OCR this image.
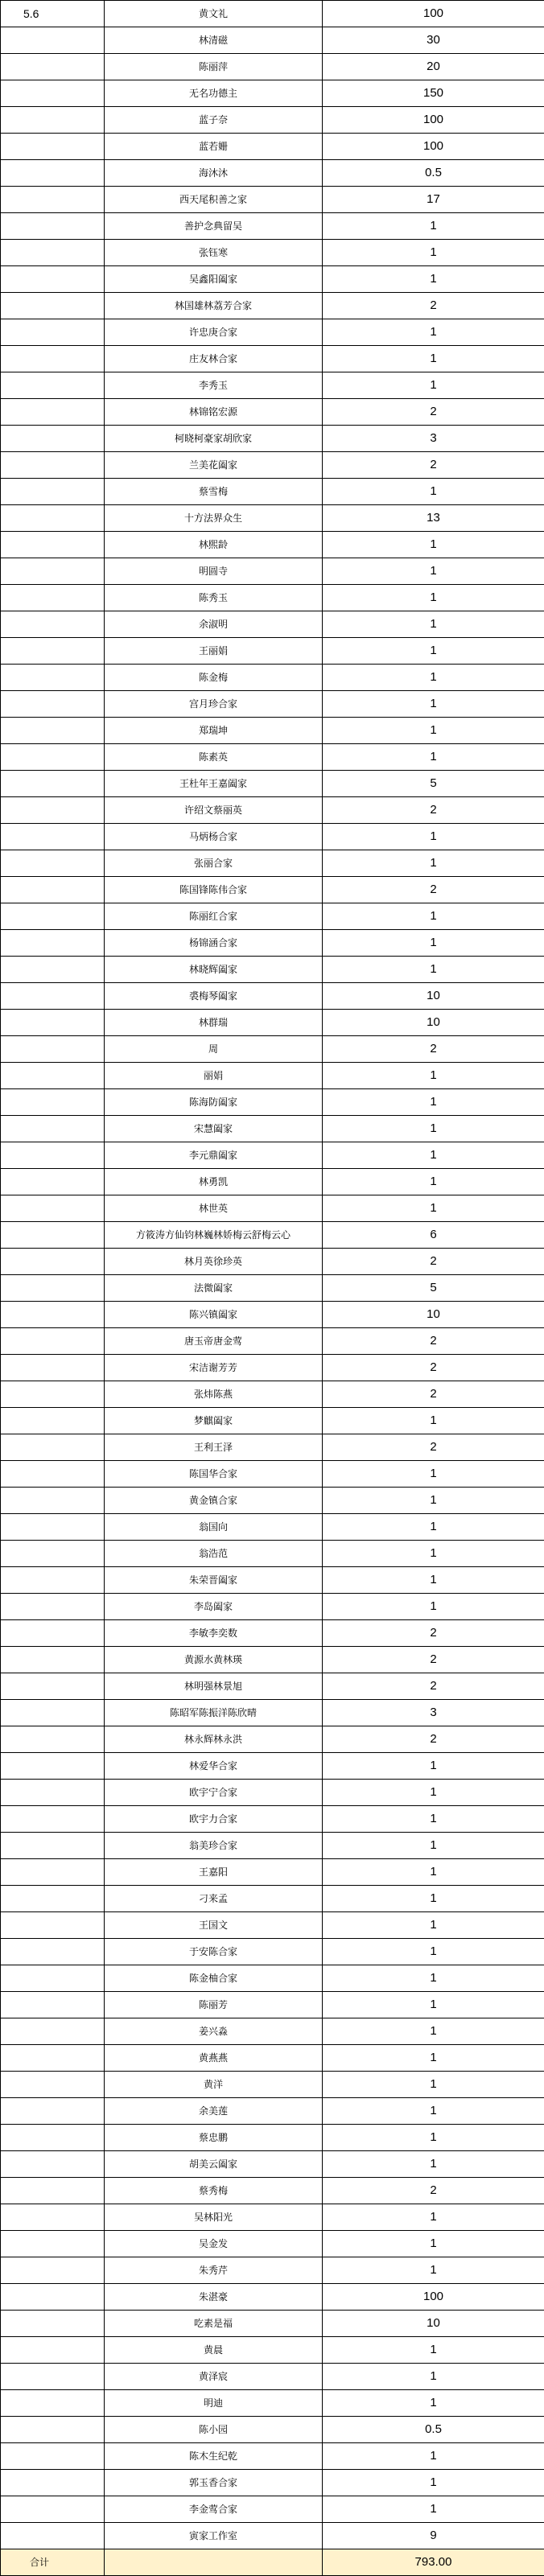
5.6	黄文礼	100
	林清磁	30
	陈丽萍	20
	无名功德主	150
	蓝子奈	100
	蓝若姗	100
	海沐沐	0.5
	西天尾积善之家	17
	善护念典留吴	1
	张钰寒	1
	吴鑫阳阖家	1
	林国雄林荔芳合家	2
	许忠庚合家	1
	庄友林合家	1
	李秀玉	1
	林锦铭宏源	2
	柯晓柯豪家胡欣家	3
	兰美花阖家	2
	蔡雪梅	1
	十方法界众生	13
	林煕龄	1
	明圆寺	1
	陈秀玉	1
	余淑明	1
	王丽娟	1
	陈金梅	1
	宫月珍合家	1
	郑瑞坤	1
	陈素英	1
	王杜年王嘉阖家	5
	许绍文蔡丽英	2
	马炳杨合家	1
	张丽合家	1
	陈国锋陈伟合家	2
	陈丽红合家	1
	杨锦涵合家	1
	林晓辉阖家	1
	裘梅琴阖家	10
	林群瑞	10
	周	2
	丽娟	1
	陈海防阖家	1
	宋慧阖家	1
	李元鼎阖家	1
	林勇凯	1
	林世英	1
	方筱涛方仙钧林巍林娇梅云舒梅云心	6
	林月英徐珍英	2
	法微阖家	5
	陈兴镇阖家	10
	唐玉帝唐金莺	2
	宋洁谢芳芳	2
	张炜陈燕	2
	梦麒阖家	1
	王利王泽	2
	陈国华合家	1
	黄金镇合家	1
	翁国向	1
	翁浩范	1
	朱荣晋阖家	1
	李岛阖家	1
	李敏李奕数	2
	黄源水黄林瑛	2
	林明强林景旭	2
	陈昭军陈振洋陈欣晴	3
	林永辉林永洪	2
	林爱华合家	1
	欧宇宁合家	1
	欧宇力合家	1
	翁美珍合家	1
	王嘉阳	1
	刁来孟	1
	王国文	1
	于安陈合家	1
	陈金柚合家	1
	陈丽芳	1
	姜兴淼	1
	黄燕燕	1
	黄洋	1
	余美莲	1
	蔡忠鹏	1
	胡美云阖家	1
	蔡秀梅	2
	吴林阳光	1
	吴金发	1
	朱秀芹	1
	朱湛豪	100
	吃素是福	10
	黄晨	1
	黄泽宸	1
	明迪	1
	陈小园	0.5
	陈木生纪乾	1
	郭玉香合家	1
	李金莺合家	1
	寅家工作室	9
合计		793.00
